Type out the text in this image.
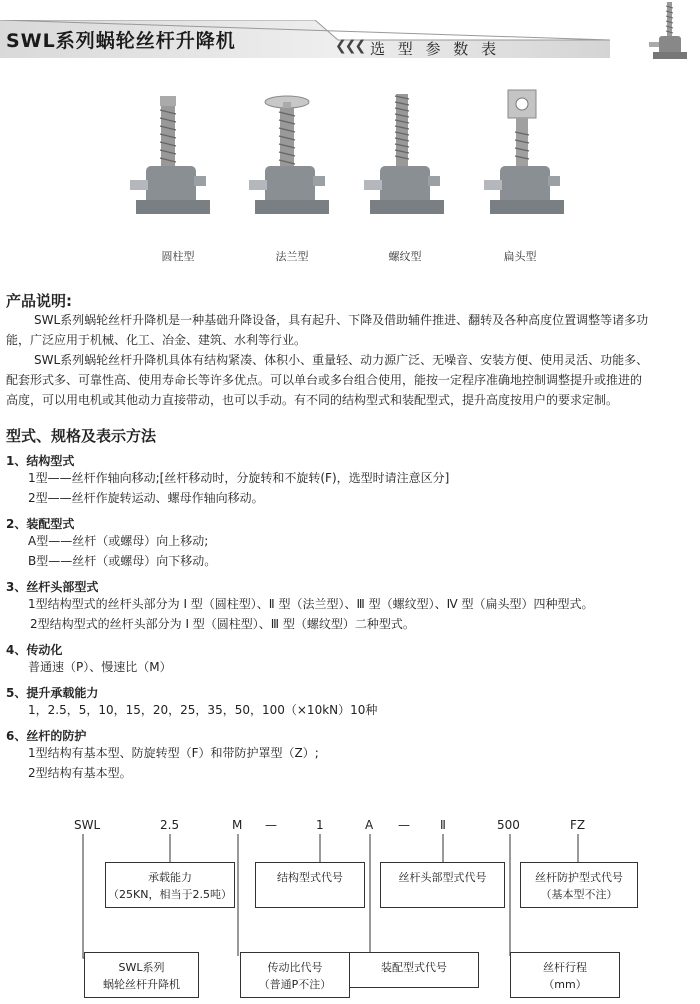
SWL系列蜗轮丝杆升降机	❮❮❮ 选 型 参 数 表
圆柱型	法兰型	螺纹型	扁头型
产品说明:
SWL系列蜗轮丝杆升降机是一种基础升降设备，具有起升、下降及借助辅件推进、翻转及各种高度位置调整等诸多功
能，广泛应用于机械、化工、冶金、建筑、水利等行业。
SWL系列蜗轮丝杆升降机具体有结构紧凑、体积小、重量轻、动力源广泛、无噪音、安装方便、使用灵活、功能多、
配套形式多、可靠性高、使用寿命长等许多优点。可以单台或多台组合使用，能按一定程序准确地控制调整提升或推进的
高度，可以用电机或其他动力直接带动，也可以手动。有不同的结构型式和装配型式，提升高度按用户的要求定制。
型式、规格及表示方法
1、结构型式
1型——丝杆作轴向移动;[丝杆移动时，分旋转和不旋转(F)，选型时请注意区分]
2型——丝杆作旋转运动、螺母作轴向移动。
2、装配型式
A型——丝杆（或螺母）向上移动;
B型——丝杆（或螺母）向下移动。
3、丝杆头部型式
1型结构型式的丝杆头部分为 Ⅰ 型（圆柱型）、Ⅱ 型（法兰型）、Ⅲ 型（螺纹型）、Ⅳ 型（扁头型）四种型式。
2型结构型式的丝杆头部分为 Ⅰ 型（圆柱型）、Ⅲ 型（螺纹型）二种型式。
4、传动化
普通速（P）、慢速比（M）
5、提升承载能力
1，2.5，5，10，15，20，25，35，50，100（×10kN）10种
6、丝杆的防护
1型结构有基本型、防旋转型（F）和带防护罩型（Z）;
2型结构有基本型。
SWL	2.5	M —	1	A —	Ⅱ	500	FZ
承载能力
（25KN，相当于2.5吨）
结构型式代号	丝杆头部型式代号	丝杆防护型式代号
（基本型不注）
SWL系列
蜗轮丝杆升降机
传动比代号
（普通P不注）
装配型式代号	丝杆行程
（mm）
